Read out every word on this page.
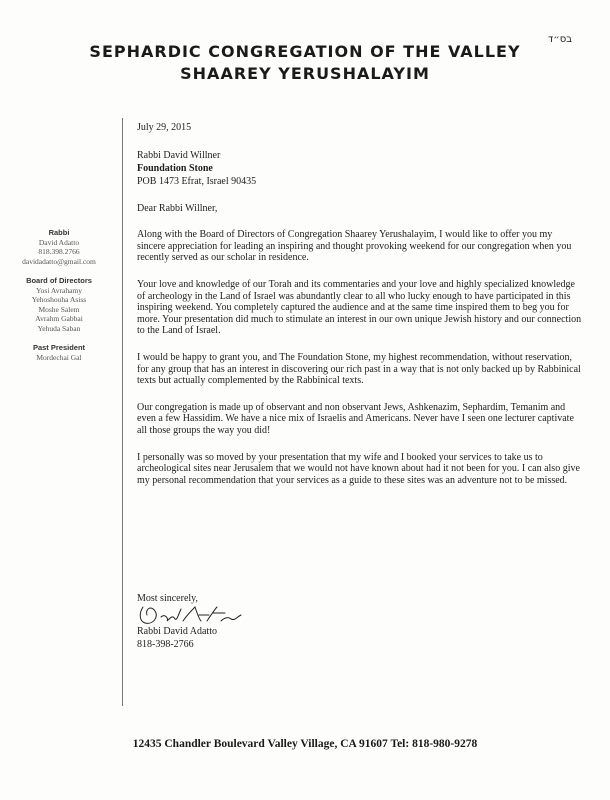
בס״ד
SEPHARDIC CONGREGATION OF THE VALLEY
SHAAREY YERUSHALAYIM
Rabbi
David Adatto
818.398.2766
davidadatto@gmail.com
Board of Directors
Yosi Avrahamy
Yehoshouha Asiss
Moshe Salem
Avrahm Gabbai
Yehuda Saban
Past President
Mordechai Gal

July 29, 2015

Rabbi David Willner
Foundation Stone
POB 1473 Efrat, Israel 90435

Dear Rabbi Willner,

Along with the Board of Directors of Congregation Shaarey Yerushalayim, I would like to offer you my sincere appreciation for leading an inspiring and thought provoking weekend for our congregation when you recently served as our scholar in residence.

Your love and knowledge of our Torah and its commentaries and your love and highly specialized knowledge of archeology in the Land of Israel was abundantly clear to all who lucky enough to have participated in this inspiring weekend. You completely captured the audience and at the same time inspired them to beg you for more. Your presentation did much to stimulate an interest in our own unique Jewish history and our connection to the Land of Israel.

I would be happy to grant you, and The Foundation Stone, my highest recommendation, without reservation, for any group that has an interest in discovering our rich past in a way that is not only backed up by Rabbinical texts but actually complemented by the Rabbinical texts.

Our congregation is made up of observant and non observant Jews, Ashkenazim, Sephardim, Temanim and even a few Hassidim. We have a nice mix of Israelis and Americans. Never have I seen one lecturer captivate all those groups the way you did!

I personally was so moved by your presentation that my wife and I booked your services to take us to archeological sites near Jerusalem that we would not have known about had it not been for you. I can also give my personal recommendation that your services as a guide to these sites was an adventure not to be missed.

Most sincerely,
Rabbi David Adatto
818-398-2766
12435 Chandler Boulevard Valley Village, CA 91607 Tel: 818-980-9278
